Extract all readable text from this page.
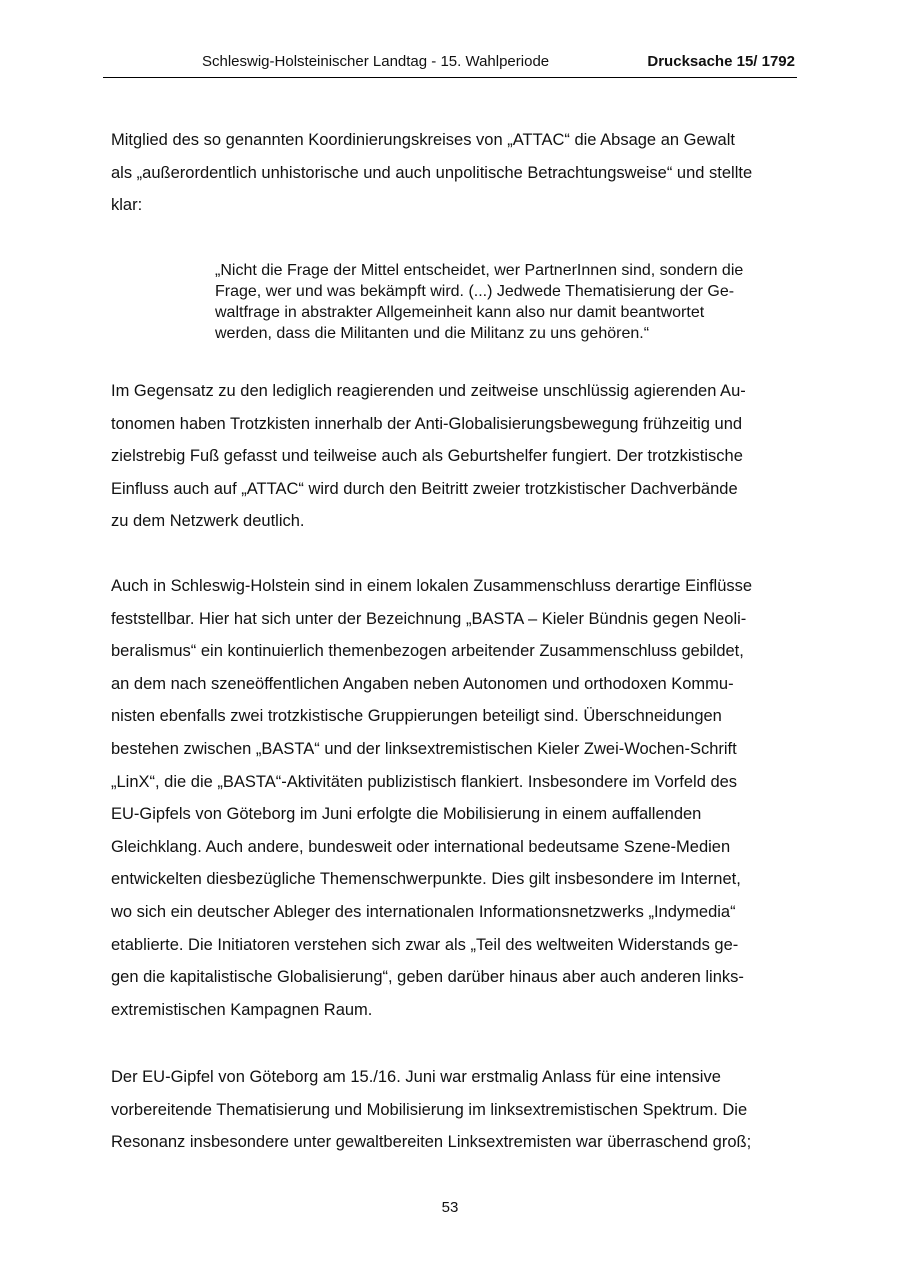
Schleswig-Holsteinischer Landtag - 15. Wahlperiode	Drucksache 15/ 1792
Mitglied des so genannten Koordinierungskreises von „ATTAC“ die Absage an Gewalt
als „außerordentlich unhistorische und auch unpolitische Betrachtungsweise“ und stellte
klar:
„Nicht die Frage der Mittel entscheidet, wer PartnerInnen sind, sondern die
Frage, wer und was bekämpft wird. (...) Jedwede Thematisierung der Ge-
waltfrage in abstrakter Allgemeinheit kann also nur damit beantwortet
werden, dass die Militanten und die Militanz zu uns gehören.“
Im Gegensatz zu den lediglich reagierenden und zeitweise unschlüssig agierenden Au-
tonomen haben Trotzkisten innerhalb der Anti-Globalisierungsbewegung frühzeitig und
zielstrebig Fuß gefasst und teilweise auch als Geburtshelfer fungiert. Der trotzkistische
Einfluss auch auf „ATTAC“ wird durch den Beitritt zweier trotzkistischer Dachverbände
zu dem Netzwerk deutlich.
Auch in Schleswig-Holstein sind in einem lokalen Zusammenschluss derartige Einflüsse
feststellbar. Hier hat sich unter der Bezeichnung „BASTA – Kieler Bündnis gegen Neoli-
beralismus“ ein kontinuierlich themenbezogen arbeitender Zusammenschluss gebildet,
an dem nach szeneöffentlichen Angaben neben Autonomen und orthodoxen Kommu-
nisten ebenfalls zwei trotzkistische Gruppierungen beteiligt sind. Überschneidungen
bestehen zwischen „BASTA“ und der linksextremistischen Kieler Zwei-Wochen-Schrift
„LinX“, die die „BASTA“-Aktivitäten publizistisch flankiert. Insbesondere im Vorfeld des
EU-Gipfels von Göteborg im Juni erfolgte die Mobilisierung in einem auffallenden
Gleichklang. Auch andere, bundesweit oder international bedeutsame Szene-Medien
entwickelten diesbezügliche Themenschwerpunkte. Dies gilt insbesondere im Internet,
wo sich ein deutscher Ableger des internationalen Informationsnetzwerks „Indymedia“
etablierte. Die Initiatoren verstehen sich zwar als „Teil des weltweiten Widerstands ge-
gen die kapitalistische Globalisierung“, geben darüber hinaus aber auch anderen links-
extremistischen Kampagnen Raum.
Der EU-Gipfel von Göteborg am 15./16. Juni war erstmalig Anlass für eine intensive
vorbereitende Thematisierung und Mobilisierung im linksextremistischen Spektrum. Die
Resonanz insbesondere unter gewaltbereiten Linksextremisten war überraschend groß;
53
